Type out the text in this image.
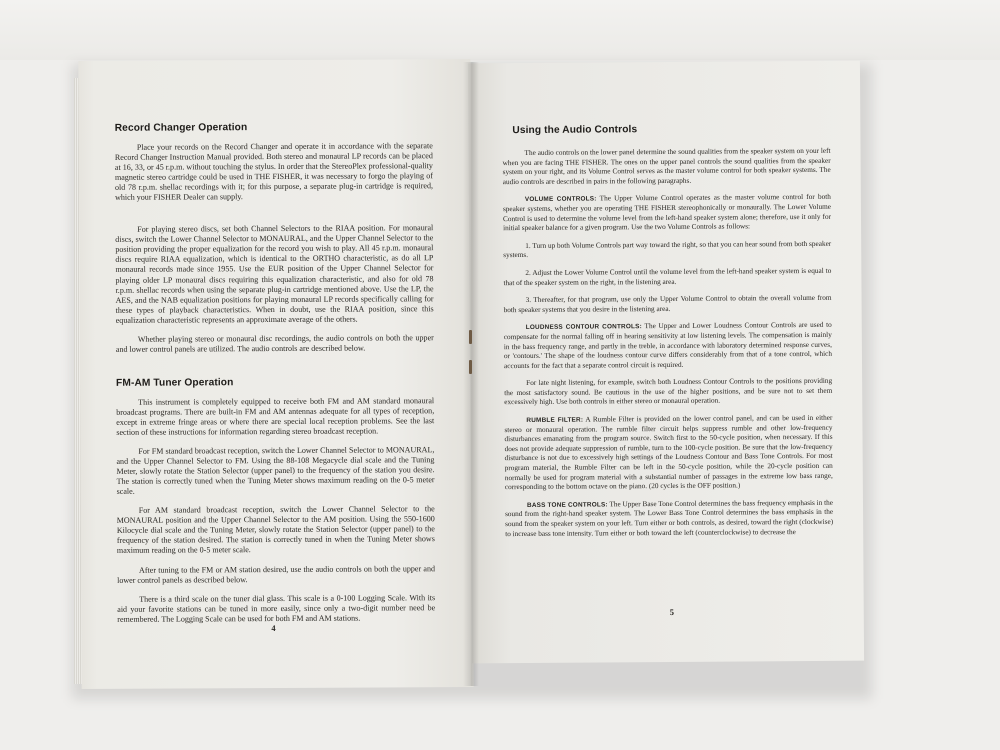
Record Changer Operation

Place your records on the Record Changer and operate it in accordance with the separate Record Changer Instruction Manual provided. Both stereo and monaural LP records can be placed at 16, 33, or 45 r.p.m. without touching the stylus. In order that the StereoPlex professional-quality magnetic stereo cartridge could be used in THE FISHER, it was necessary to forgo the playing of old 78 r.p.m. shellac recordings with it; for this purpose, a separate plug-in cartridge is required, which your FISHER Dealer can supply.

For playing stereo discs, set both Channel Selectors to the RIAA position. For monaural discs, switch the Lower Channel Selector to MONAURAL, and the Upper Channel Selector to the position providing the proper equalization for the record you wish to play. All 45 r.p.m. monaural discs require RIAA equalization, which is identical to the ORTHO characteristic, as do all LP monaural records made since 1955. Use the EUR position of the Upper Channel Selector for playing older LP monaural discs requiring this equalization characteristic, and also for old 78 r.p.m. shellac records when using the separate plug-in cartridge mentioned above. Use the LP, the AES, and the NAB equalization positions for playing monaural LP records specifically calling for these types of playback characteristics. When in doubt, use the RIAA position, since this equalization characteristic represents an approximate average of the others.

Whether playing stereo or monaural disc recordings, the audio controls on both the upper and lower control panels are utilized. The audio controls are described below.

FM-AM Tuner Operation

This instrument is completely equipped to receive both FM and AM standard monaural broadcast programs. There are built-in FM and AM antennas adequate for all types of reception, except in extreme fringe areas or where there are special local reception problems. See the last section of these instructions for information regarding stereo broadcast reception.

For FM standard broadcast reception, switch the Lower Channel Selector to MONAURAL, and the Upper Channel Selector to FM. Using the 88-108 Megacycle dial scale and the Tuning Meter, slowly rotate the Station Selector (upper panel) to the frequency of the station you desire. The station is correctly tuned when the Tuning Meter shows maximum reading on the 0-5 meter scale.

For AM standard broadcast reception, switch the Lower Channel Selector to the MONAURAL position and the Upper Channel Selector to the AM position. Using the 550-1600 Kilocycle dial scale and the Tuning Meter, slowly rotate the Station Selector (upper panel) to the frequency of the station desired. The station is correctly tuned in when the Tuning Meter shows maximum reading on the 0-5 meter scale.

After tuning to the FM or AM station desired, use the audio controls on both the upper and lower control panels as described below.

There is a third scale on the tuner dial glass. This scale is a 0-100 Logging Scale. With its aid your favorite stations can be tuned in more easily, since only a two-digit number need be remembered. The Logging Scale can be used for both FM and AM stations.

4
Using the Audio Controls

The audio controls on the lower panel determine the sound qualities from the speaker system on your left when you are facing THE FISHER. The ones on the upper panel controls the sound qualities from the speaker system on your right, and its Volume Control serves as the master volume control for both speaker systems. The audio controls are described in pairs in the following paragraphs.

VOLUME CONTROLS: The Upper Volume Control operates as the master volume control for both speaker systems, whether you are operating THE FISHER stereophonically or monaurally. The Lower Volume Control is used to determine the volume level from the left-hand speaker system alone; therefore, use it only for initial speaker balance for a given program. Use the two Volume Controls as follows:

1. Turn up both Volume Controls part way toward the right, so that you can hear sound from both speaker systems.

2. Adjust the Lower Volume Control until the volume level from the left-hand speaker system is equal to that of the speaker system on the right, in the listening area.

3. Thereafter, for that program, use only the Upper Volume Control to obtain the overall volume from both speaker systems that you desire in the listening area.

LOUDNESS CONTOUR CONTROLS: The Upper and Lower Loudness Contour Controls are used to compensate for the normal falling off in hearing sensitivity at low listening levels. The compensation is mainly in the bass frequency range, and partly in the treble, in accordance with laboratory determined response curves, or 'contours.' The shape of the loudness contour curve differs considerably from that of a tone control, which accounts for the fact that a separate control circuit is required.

For late night listening, for example, switch both Loudness Contour Controls to the positions providing the most satisfactory sound. Be cautious in the use of the higher positions, and be sure not to set them excessively high. Use both controls in either stereo or monaural operation.

RUMBLE FILTER: A Rumble Filter is provided on the lower control panel, and can be used in either stereo or monaural operation. The rumble filter circuit helps suppress rumble and other low-frequency disturbances emanating from the program source. Switch first to the 50-cycle position, when necessary. If this does not provide adequate suppression of rumble, turn to the 100-cycle position. Be sure that the low-frequency disturbance is not due to excessively high settings of the Loudness Contour and Bass Tone Controls. For most program material, the Rumble Filter can be left in the 50-cycle position, while the 20-cycle position can normally be used for program material with a substantial number of passages in the extreme low bass range, corresponding to the bottom octave on the piano. (20 cycles is the OFF position.)

BASS TONE CONTROLS: The Upper Base Tone Control determines the bass frequency emphasis in the sound from the right-hand speaker system. The Lower Bass Tone Control determines the bass emphasis in the sound from the speaker system on your left. Turn either or both controls, as desired, toward the right (clockwise) to increase bass tone intensity. Turn either or both toward the left (counterclockwise) to decrease the

5
